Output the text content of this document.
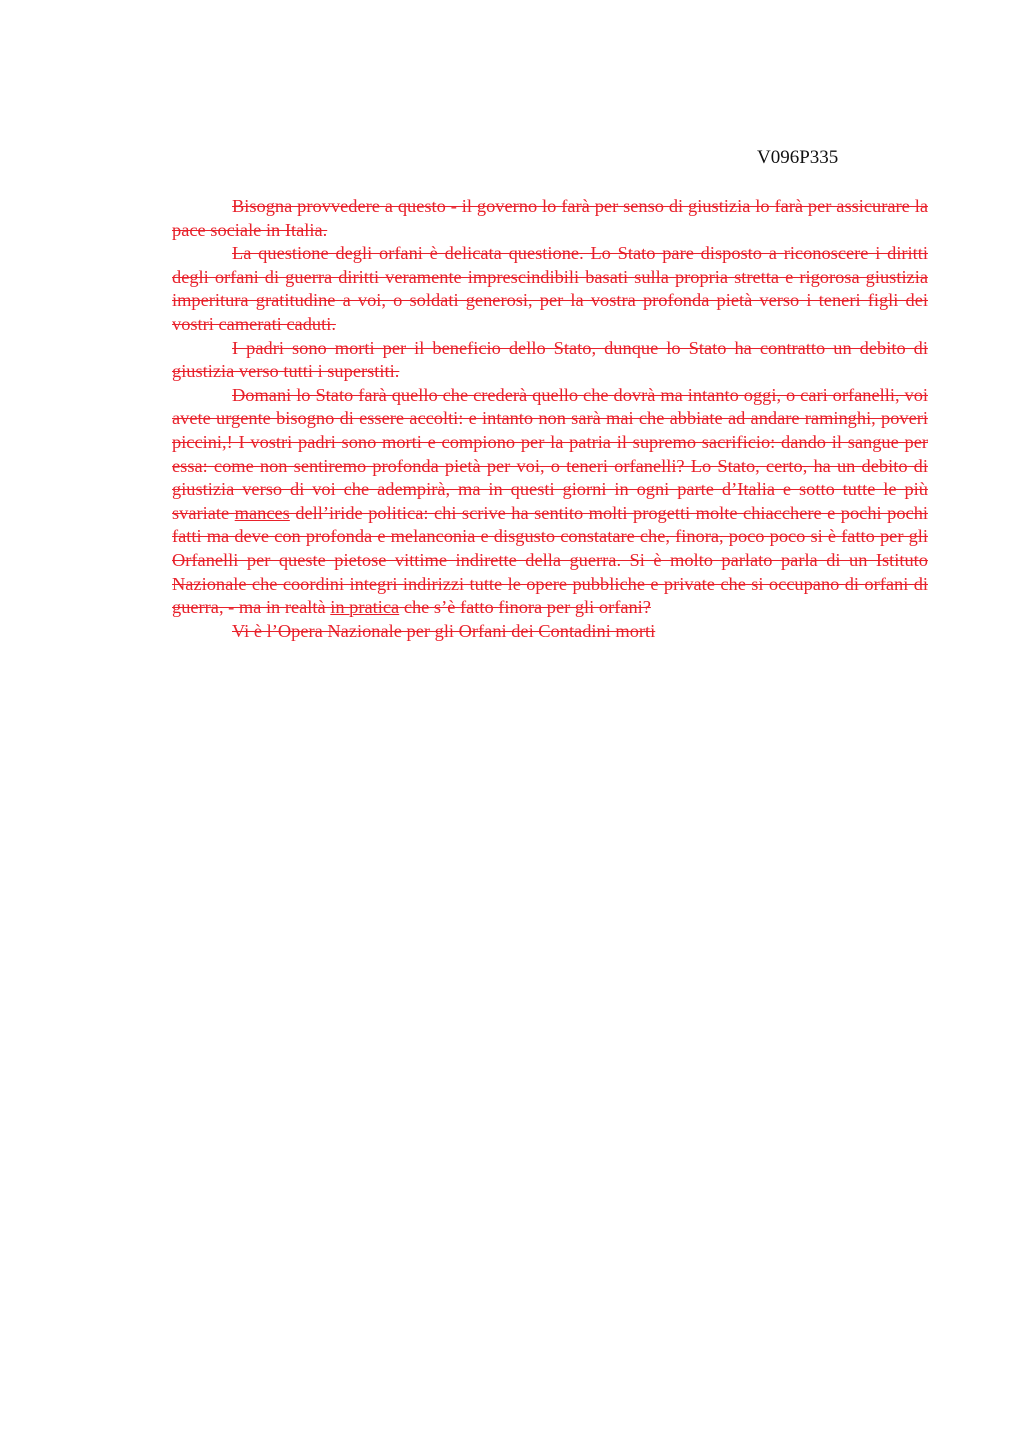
V096P335

Bisogna provvedere a questo - il governo lo farà per senso di giustizia lo farà per assicurare la pace sociale in Italia.

La questione degli orfani è delicata questione. Lo Stato pare disposto a riconoscere i diritti degli orfani di guerra diritti veramente imprescindibili basati sulla propria stretta e rigorosa giustizia imperitura gratitudine a voi, o soldati generosi, per la vostra profonda pietà verso i teneri figli dei vostri camerati caduti.

I padri sono morti per il beneficio dello Stato, dunque lo Stato ha contratto un debito di giustizia verso tutti i superstiti.

Domani lo Stato farà quello che crederà quello che dovrà ma intanto oggi, o cari orfanelli, voi avete urgente bisogno di essere accolti: e intanto non sarà mai che abbiate ad andare raminghi, poveri piccini,! I vostri padri sono morti e compiono per la patria il supremo sacrificio: dando il sangue per essa: come non sentiremo profonda pietà per voi, o teneri orfanelli? Lo Stato, certo, ha un debito di giustizia verso di voi che adempirà, ma in questi giorni in ogni parte d’Italia e sotto tutte le più svariate mances dell’iride politica: chi scrive ha sentito molti progetti molte chiacchere e pochi pochi fatti ma deve con profonda e melanconia e disgusto constatare che, finora, poco poco si è fatto per gli Orfanelli per queste pietose vittime indirette della guerra. Si è molto parlato parla di un Istituto Nazionale che coordini integri indirizzi tutte le opere pubbliche e private che si occupano di orfani di guerra, - ma in realtà in pratica che s’è fatto finora per gli orfani?

Vi è l’Opera Nazionale per gli Orfani dei Contadini morti
